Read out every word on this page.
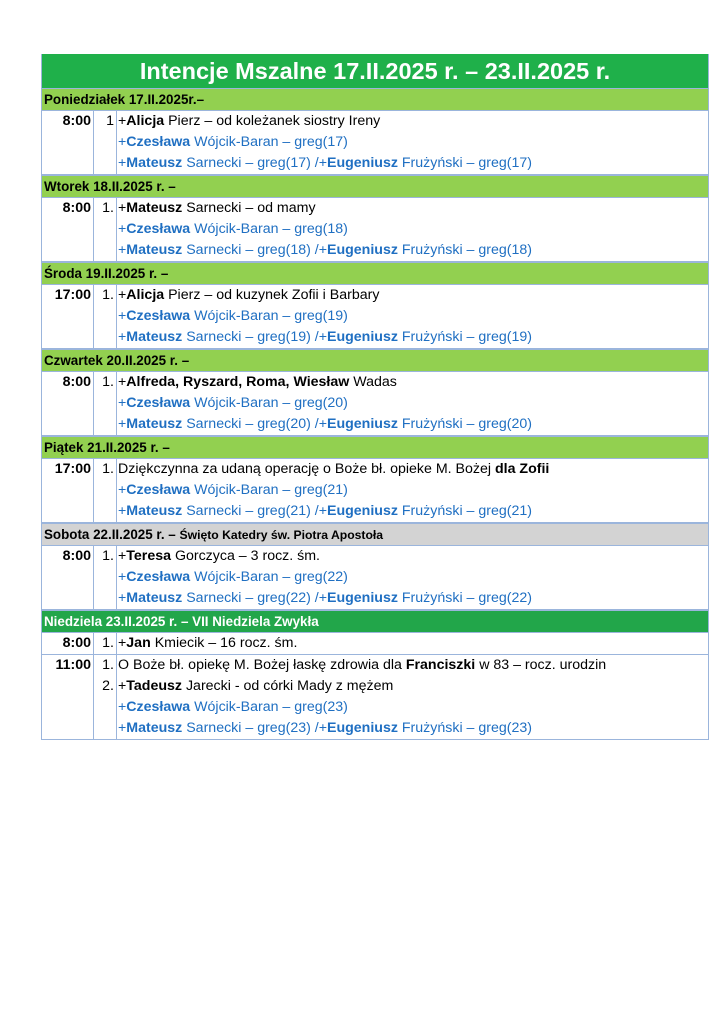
Intencje Mszalne 17.II.2025 r. – 23.II.2025 r.
Poniedziałek 17.II.2025r.–
8:00	1 +Alicja Pierz – od koleżanek siostry Ireny
+Czesława Wójcik-Baran – greg(17)
+Mateusz Sarnecki – greg(17) /+Eugeniusz Frużyński – greg(17)
Wtorek 18.II.2025 r. –
8:00 1. +Mateusz Sarnecki – od mamy
+Czesława Wójcik-Baran – greg(18)
+Mateusz Sarnecki – greg(18) /+Eugeniusz Frużyński – greg(18)
Środa 19.II.2025 r. –
17:00 1. +Alicja Pierz – od kuzynek Zofii i Barbary
+Czesława Wójcik-Baran – greg(19)
+Mateusz Sarnecki – greg(19) /+Eugeniusz Frużyński – greg(19)
Czwartek 20.II.2025 r. –
8:00 1. +Alfreda, Ryszard, Roma, Wiesław Wadas
+Czesława Wójcik-Baran – greg(20)
+Mateusz Sarnecki – greg(20) /+Eugeniusz Frużyński – greg(20)
Piątek 21.II.2025 r. –
17:00 1. Dziękczynna za udaną operację o Boże bł. opieke M. Bożej dla Zofii
+Czesława Wójcik-Baran – greg(21)
+Mateusz Sarnecki – greg(21) /+Eugeniusz Frużyński – greg(21)
Sobota 22.II.2025 r. – Święto Katedry św. Piotra Apostoła
8:00 1. +Teresa Gorczyca – 3 rocz. śm.
+Czesława Wójcik-Baran – greg(22)
+Mateusz Sarnecki – greg(22) /+Eugeniusz Frużyński – greg(22)
Niedziela 23.II.2025 r. – VII Niedziela Zwykła
8:00 1. +Jan Kmiecik – 16 rocz. śm.
11:00 1. O Boże bł. opiekę M. Bożej łaskę zdrowia dla Franciszki w 83 – rocz. urodzin
2. +Tadeusz Jarecki - od córki Mady z mężem
+Czesława Wójcik-Baran – greg(23)
+Mateusz Sarnecki – greg(23) /+Eugeniusz Frużyński – greg(23)
